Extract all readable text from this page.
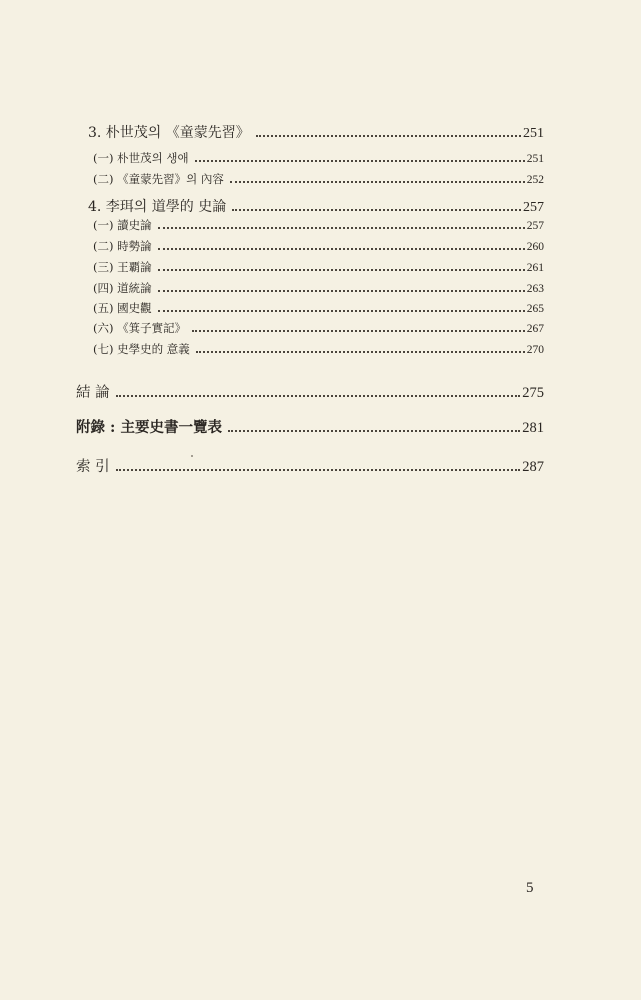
3. 朴世茂의 《童蒙先習》	251
(一) 朴世茂의 생애	251
(二) 《童蒙先習》의 內容	252
4. 李珥의 道學的 史論	257
(一) 讀史論	257
(二) 時勢論	260
(三) 王覇論	261
(四) 道統論	263
(五) 國史觀	265
(六) 《箕子實記》	267
(七) 史學史的 意義	270
結 論	275
附錄 : 主要史書一覽表	281
索 引	287
5
